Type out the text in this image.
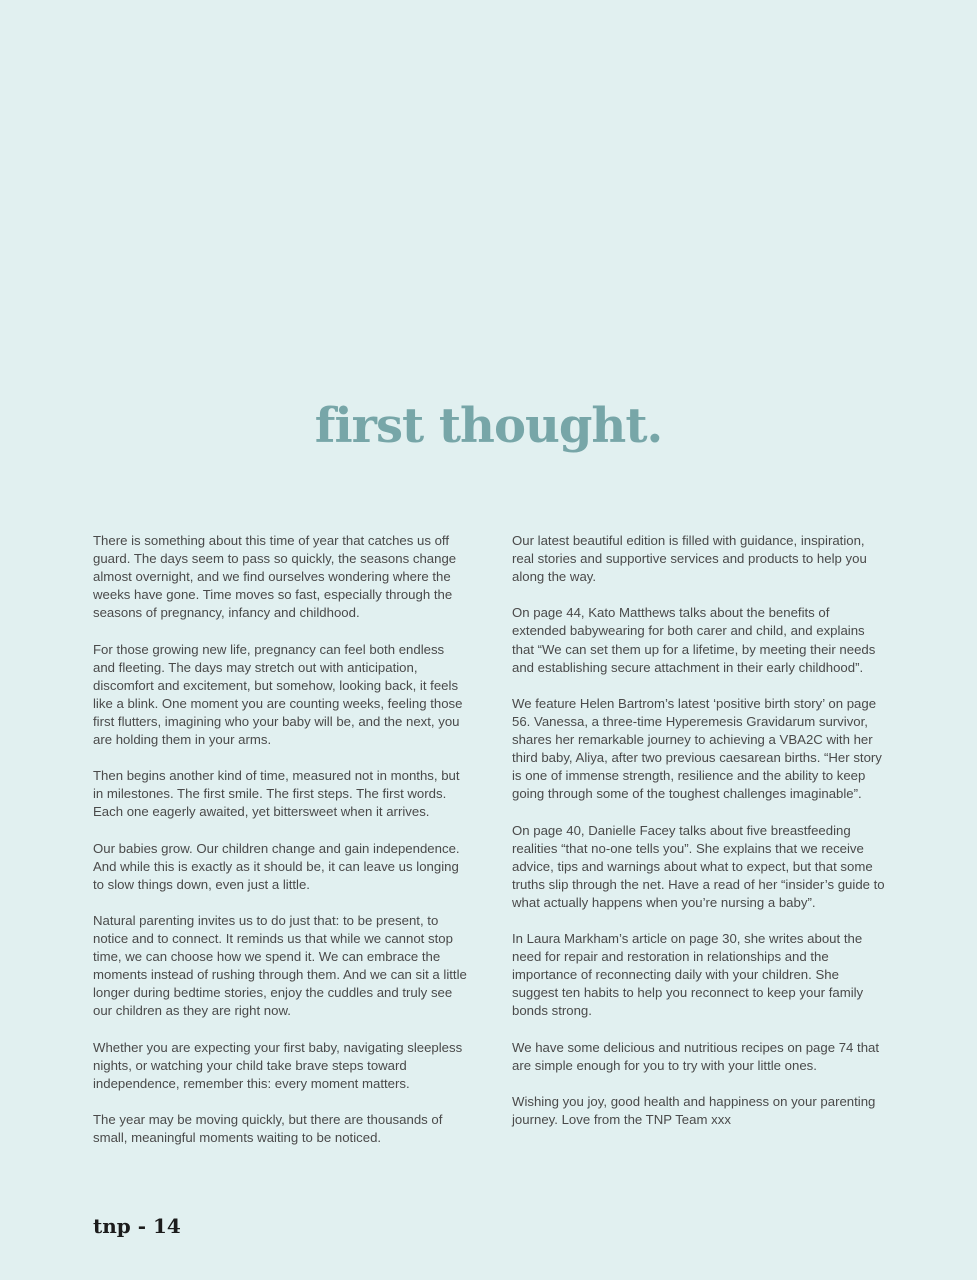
first thought.

There is something about this time of year that catches us off guard. The days seem to pass so quickly, the seasons change almost overnight, and we find ourselves wondering where the weeks have gone. Time moves so fast, especially through the seasons of pregnancy, infancy and childhood.

For those growing new life, pregnancy can feel both endless and fleeting. The days may stretch out with anticipation, discomfort and excitement, but somehow, looking back, it feels like a blink. One moment you are counting weeks, feeling those first flutters, imagining who your baby will be, and the next, you are holding them in your arms.

Then begins another kind of time, measured not in months, but in milestones. The first smile. The first steps. The first words. Each one eagerly awaited, yet bittersweet when it arrives.

Our babies grow. Our children change and gain independence. And while this is exactly as it should be, it can leave us longing to slow things down, even just a little.

Natural parenting invites us to do just that: to be present, to notice and to connect. It reminds us that while we cannot stop time, we can choose how we spend it. We can embrace the moments instead of rushing through them. And we can sit a little longer during bedtime stories, enjoy the cuddles and truly see our children as they are right now.

Whether you are expecting your first baby, navigating sleepless nights, or watching your child take brave steps toward independence, remember this: every moment matters.

The year may be moving quickly, but there are thousands of small, meaningful moments waiting to be noticed.

Our latest beautiful edition is filled with guidance, inspiration, real stories and supportive services and products to help you along the way.

On page 44, Kato Matthews talks about the benefits of extended babywearing for both carer and child, and explains that “We can set them up for a lifetime, by meeting their needs and establishing secure attachment in their early childhood”.

We feature Helen Bartrom’s latest ‘positive birth story’ on page 56. Vanessa, a three-time Hyperemesis Gravidarum survivor, shares her remarkable journey to achieving a VBA2C with her third baby, Aliya, after two previous caesarean births. “Her story is one of immense strength, resilience and the ability to keep going through some of the toughest challenges imaginable”.

On page 40, Danielle Facey talks about five breastfeeding realities “that no-one tells you”. She explains that we receive advice, tips and warnings about what to expect, but that some truths slip through the net. Have a read of her “insider’s guide to what actually happens when you’re nursing a baby”.

In Laura Markham’s article on page 30, she writes about the need for repair and restoration in relationships and the importance of reconnecting daily with your children. She suggest ten habits to help you reconnect to keep your family bonds strong.

We have some delicious and nutritious recipes on page 74 that are simple enough for you to try with your little ones.

Wishing you joy, good health and happiness on your parenting journey. Love from the TNP Team xxx

tnp - 14
